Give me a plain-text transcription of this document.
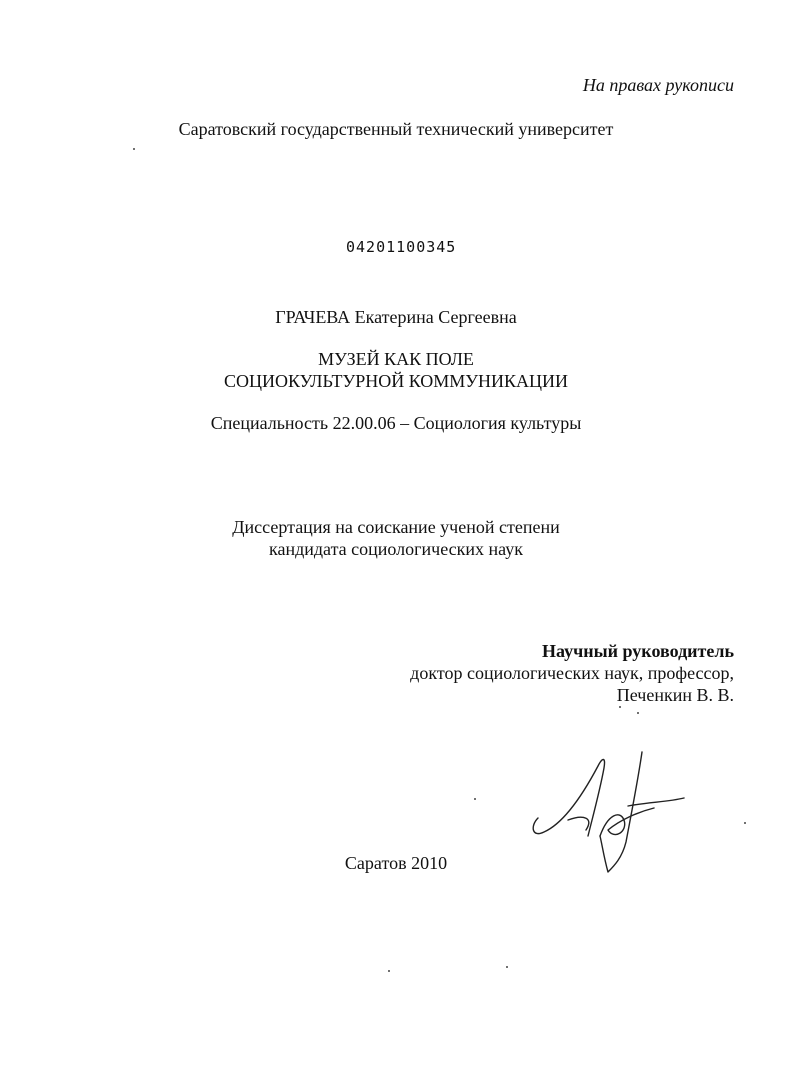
На правах рукописи
Саратовский государственный технический университет
04201100345
ГРАЧЕВА Екатерина Сергеевна
МУЗЕЙ КАК ПОЛЕ
СОЦИОКУЛЬТУРНОЙ КОММУНИКАЦИИ
Специальность 22.00.06 – Социология культуры
Диссертация на соискание ученой степени
кандидата социологических наук
Научный руководитель
доктор социологических наук, профессор,
Печенкин В. В.
Саратов 2010
